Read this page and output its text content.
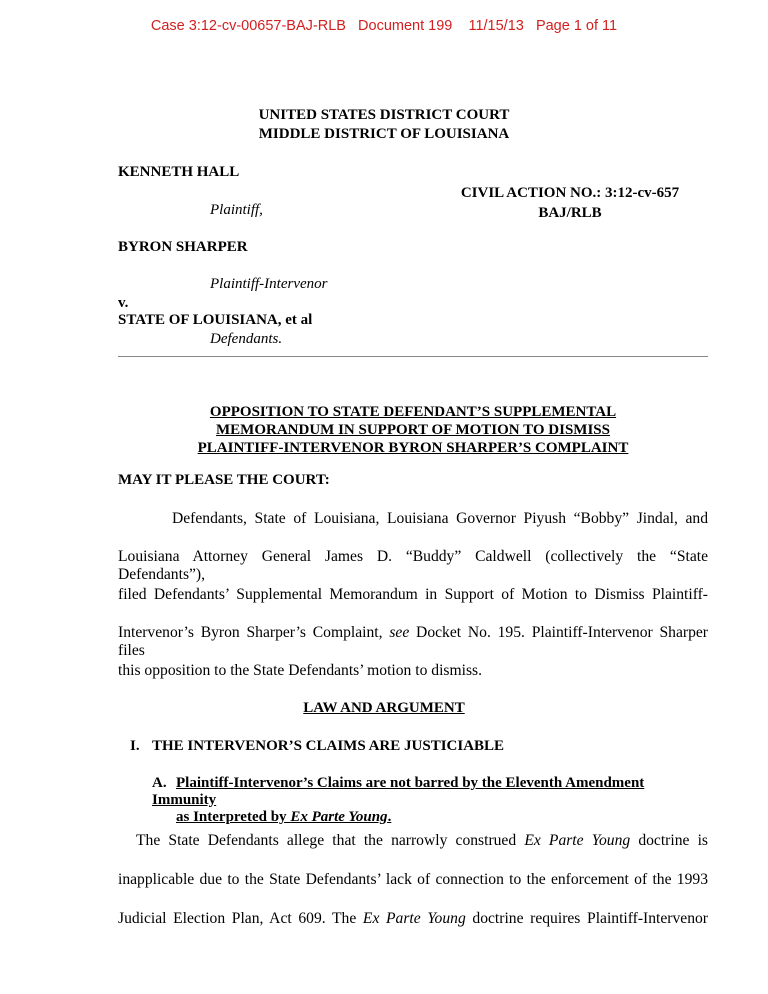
Case 3:12-cv-00657-BAJ-RLB Document 199 11/15/13 Page 1 of 11
UNITED STATES DISTRICT COURT
MIDDLE DISTRICT OF LOUISIANA
KENNETH HALL
Plaintiff,
CIVIL ACTION NO.: 3:12-cv-657
BAJ/RLB
BYRON SHARPER
Plaintiff-Intervenor
v.
STATE OF LOUISIANA, et al
Defendants.
OPPOSITION TO STATE DEFENDANT’S SUPPLEMENTAL
MEMORANDUM IN SUPPORT OF MOTION TO DISMISS
PLAINTIFF-INTERVENOR BYRON SHARPER’S COMPLAINT
MAY IT PLEASE THE COURT:
Defendants, State of Louisiana, Louisiana Governor Piyush “Bobby” Jindal, and
Louisiana Attorney General James D. “Buddy” Caldwell (collectively the “State Defendants”),
filed Defendants’ Supplemental Memorandum in Support of Motion to Dismiss Plaintiff-
Intervenor’s Byron Sharper’s Complaint, see Docket No. 195. Plaintiff-Intervenor Sharper files
this opposition to the State Defendants’ motion to dismiss.
LAW AND ARGUMENT
I. THE INTERVENOR’S CLAIMS ARE JUSTICIABLE
A. Plaintiff-Intervenor’s Claims are not barred by the Eleventh Amendment Immunity
as Interpreted by Ex Parte Young.
The State Defendants allege that the narrowly construed Ex Parte Young doctrine is
inapplicable due to the State Defendants’ lack of connection to the enforcement of the 1993
Judicial Election Plan, Act 609. The Ex Parte Young doctrine requires Plaintiff-Intervenor
